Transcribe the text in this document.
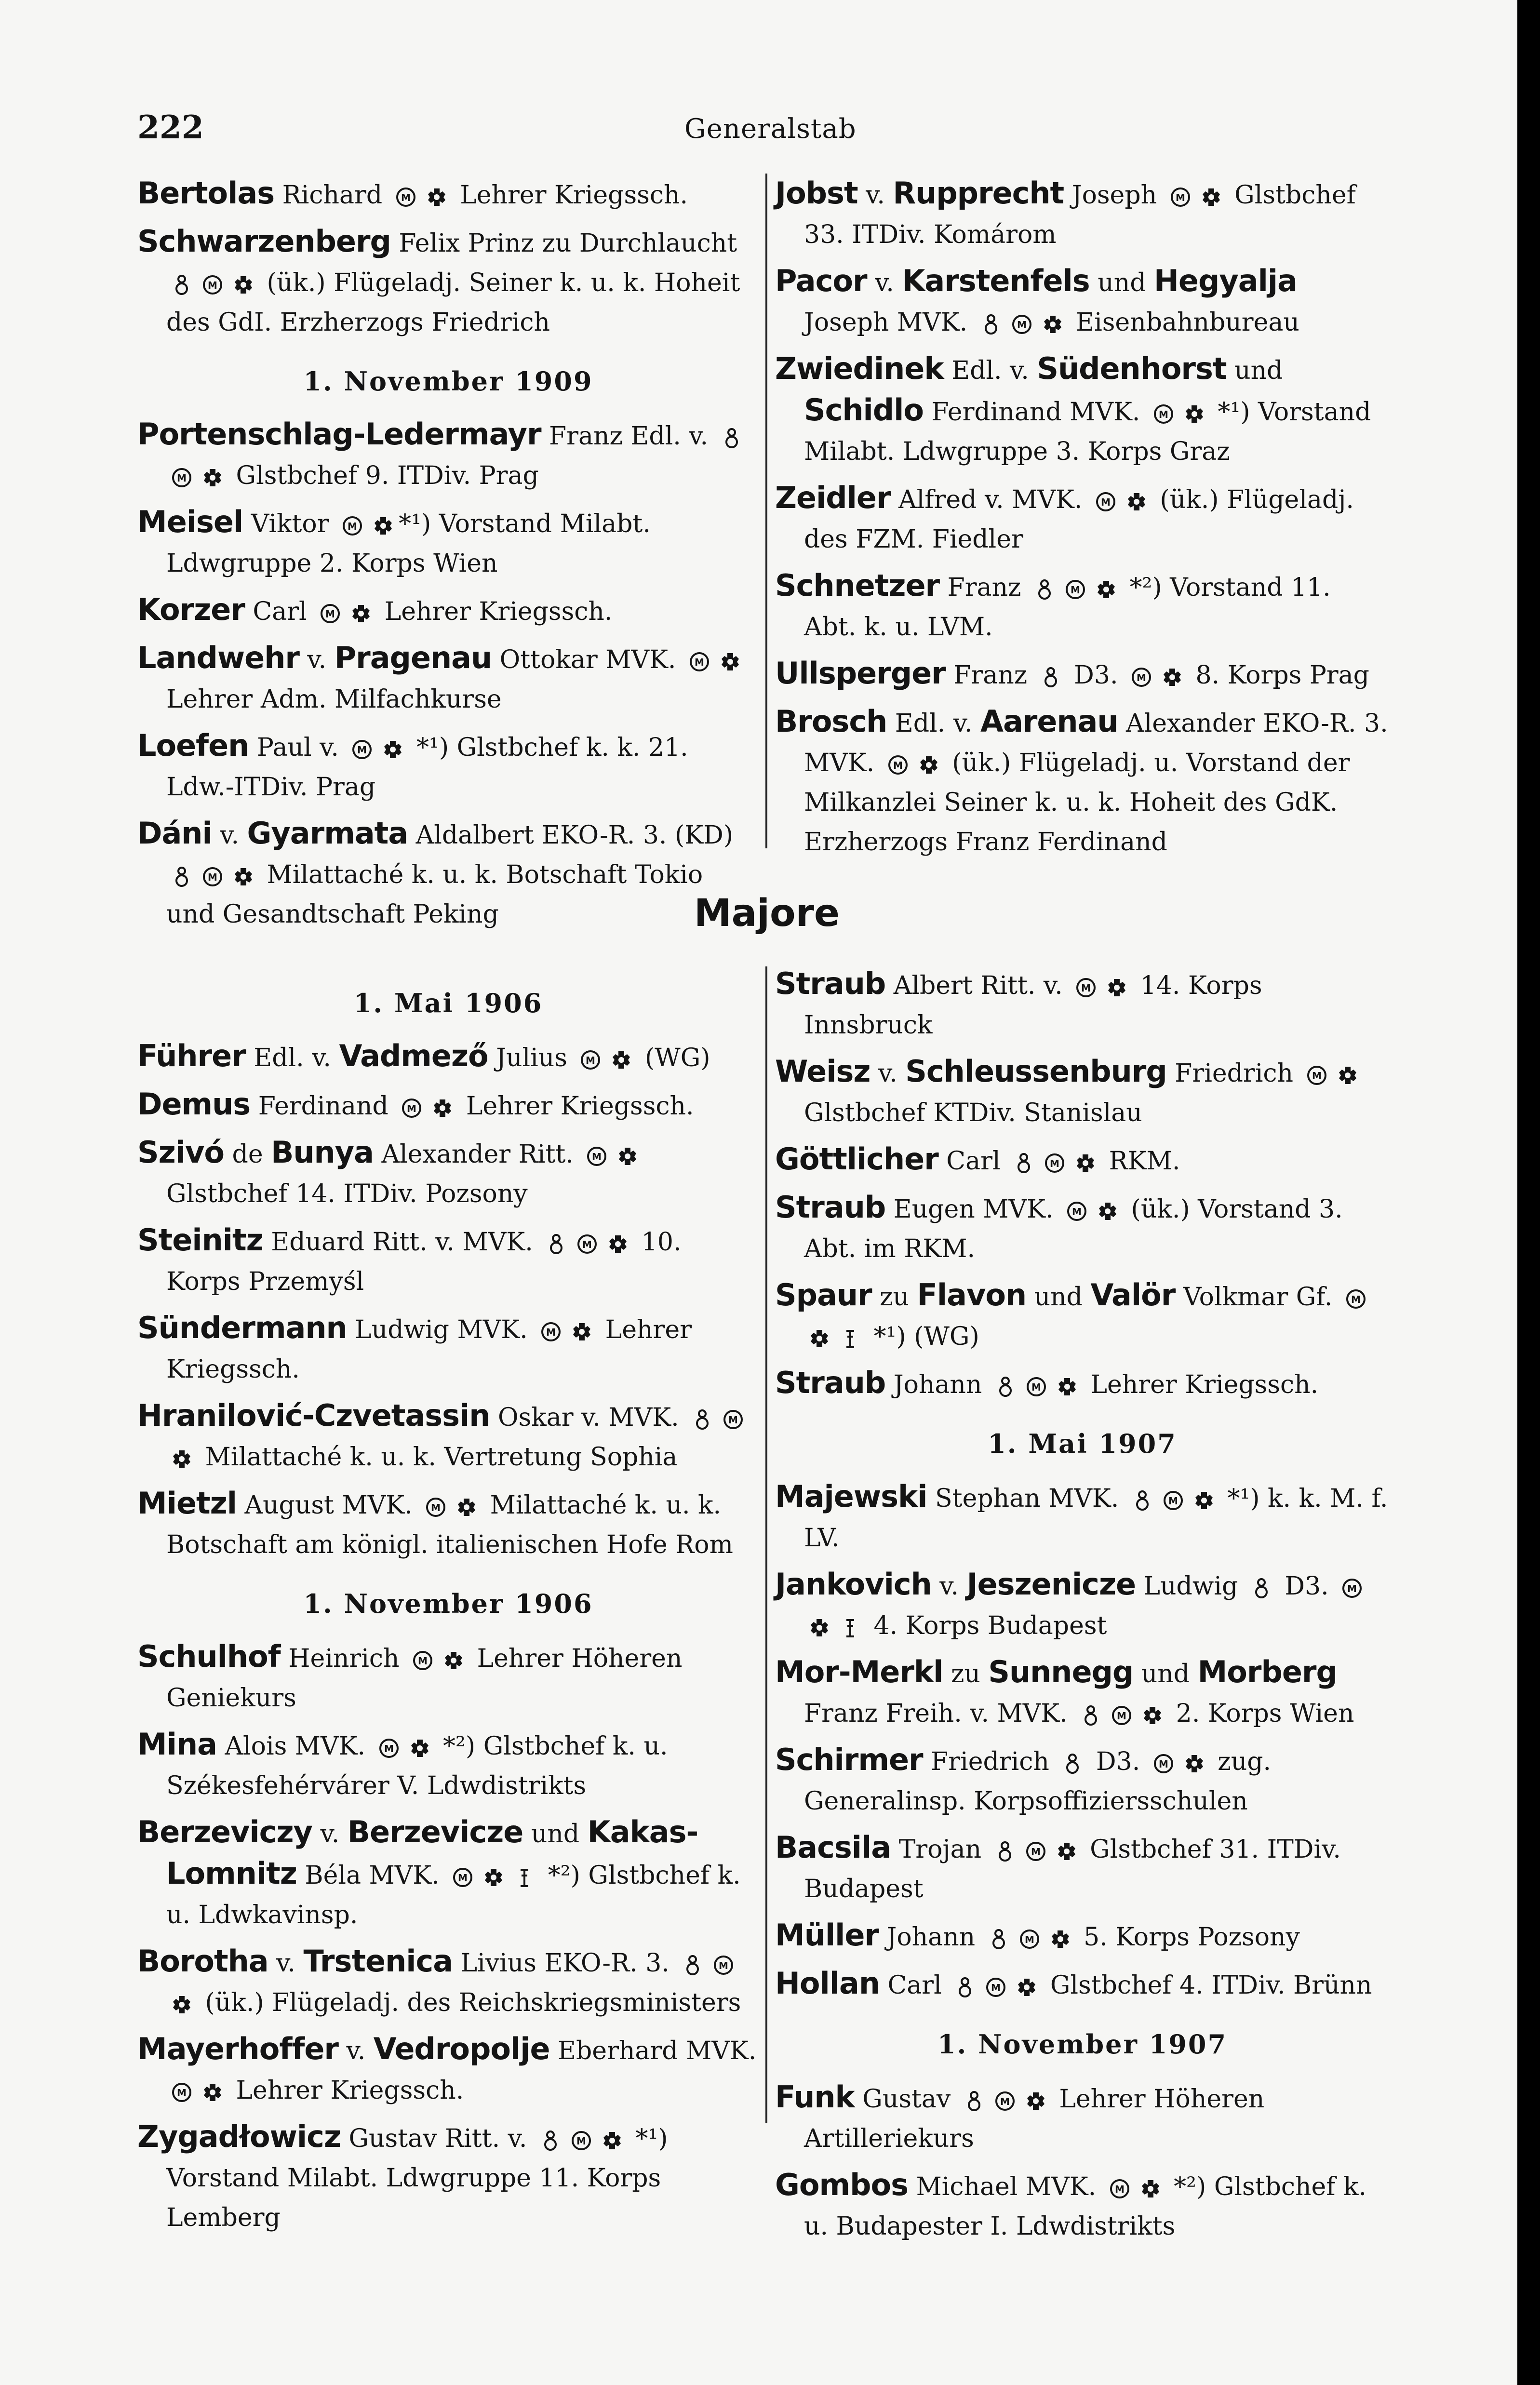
222	Generalstab

Bertolas Richard M Lehrer Kriegssch.

Schwarzenberg Felix Prinz zu Durchlaucht
M (ük.) Flügeladj. Seiner k. u. k. Hoheit des GdI. Erzherzogs Friedrich

1. November 1909

Portenschlag-Ledermayr Franz Edl. v.
M Glstbchef 9. ITDiv. Prag

Meisel Viktor M *¹) Vorstand Milabt. Ldwgruppe 2. Korps Wien

Korzer Carl M Lehrer Kriegssch.

Landwehr v. Pragenau Ottokar MVK. M
Lehrer Adm. Milfachkurse

Loefen Paul v. M *¹) Glstbchef k. k. 21. Ldw.-ITDiv. Prag

Dáni v. Gyarmata Aldalbert EKO-R. 3. (KD)
M Milattaché k. u. k. Botschaft Tokio und Gesandtschaft Peking

Jobst v. Rupprecht Joseph M Glstbchef 33. ITDiv. Komárom

Pacor v. Karstenfels und Hegyalja Joseph MVK.	M Eisenbahnbureau

Zwiedinek Edl. v. Südenhorst und Schidlo Ferdinand MVK. M *¹) Vorstand Milabt. Ldwgruppe 3. Korps Graz

Zeidler Alfred v. MVK. M (ük.) Flügeladj. des FZM. Fiedler

Schnetzer Franz	M *²) Vorstand 11. Abt. k. u. LVM.

Ullsperger Franz
D3. M 8. Korps Prag

Brosch Edl. v. Aarenau Alexander EKO-R. 3. MVK. M (ük.) Flügeladj. u. Vorstand der Milkanzlei Seiner k. u. k. Hoheit des GdK. Erzherzogs Franz Ferdinand

Majore

1. Mai 1906

Führer Edl. v. Vadmező Julius M (WG)

Demus Ferdinand M Lehrer Kriegssch.

Szivó de Bunya Alexander Ritt. M
Glstbchef 14. ITDiv. Pozsony

Steinitz Eduard Ritt. v. MVK.	M 10. Korps Przemyśl

Sündermann Ludwig MVK. M Lehrer Kriegssch.

Hranilović-Czvetassin Oskar v. MVK.	M
Milattaché k. u. k. Vertretung Sophia

Mietzl August MVK. M Milattaché k. u. k. Botschaft am königl. italienischen Hofe Rom

1. November 1906

Schulhof Heinrich M Lehrer Höheren Geniekurs

Mina Alois MVK. M *²) Glstbchef k. u. Székesfehérvárer V. Ldwdistrikts

Berzeviczy v. Berzevicze und Kakas-Lomnitz Béla MVK. M	*²) Glstbchef k. u. Ldwkavinsp.

Borotha v. Trstenica Livius EKO-R. 3.	M
(ük.) Flügeladj. des Reichskriegsministers

Mayerhoffer v. Vedropolje Eberhard MVK.
M Lehrer Kriegssch.

Zygadłowicz Gustav Ritt. v.	M *¹) Vorstand Milabt. Ldwgruppe 11. Korps Lemberg

Straub Albert Ritt. v. M 14. Korps Innsbruck

Weisz v. Schleussenburg Friedrich M
Glstbchef KTDiv. Stanislau

Göttlicher Carl	M RKM.

Straub Eugen MVK. M (ük.) Vorstand 3. Abt. im RKM.

Spaur zu Flavon und Valör Volkmar Gf. M
*¹) (WG)

Straub Johann	M Lehrer Kriegssch.

1. Mai 1907

Majewski Stephan MVK.	M *¹) k. k. M. f. LV.

Jankovich v. Jeszenicze Ludwig
D3. M
4. Korps Budapest

Mor-Merkl zu Sunnegg und Morberg Franz Freih. v. MVK.	M 2. Korps Wien

Schirmer Friedrich
D3. M zug. Generalinsp. Korpsoffiziersschulen

Bacsila Trojan	M Glstbchef 31. ITDiv. Budapest

Müller Johann	M 5. Korps Pozsony

Hollan Carl	M Glstbchef 4. ITDiv. Brünn

1. November 1907

Funk Gustav	M Lehrer Höheren Artilleriekurs

Gombos Michael MVK. M *²) Glstbchef k. u. Budapester I. Ldwdistrikts
